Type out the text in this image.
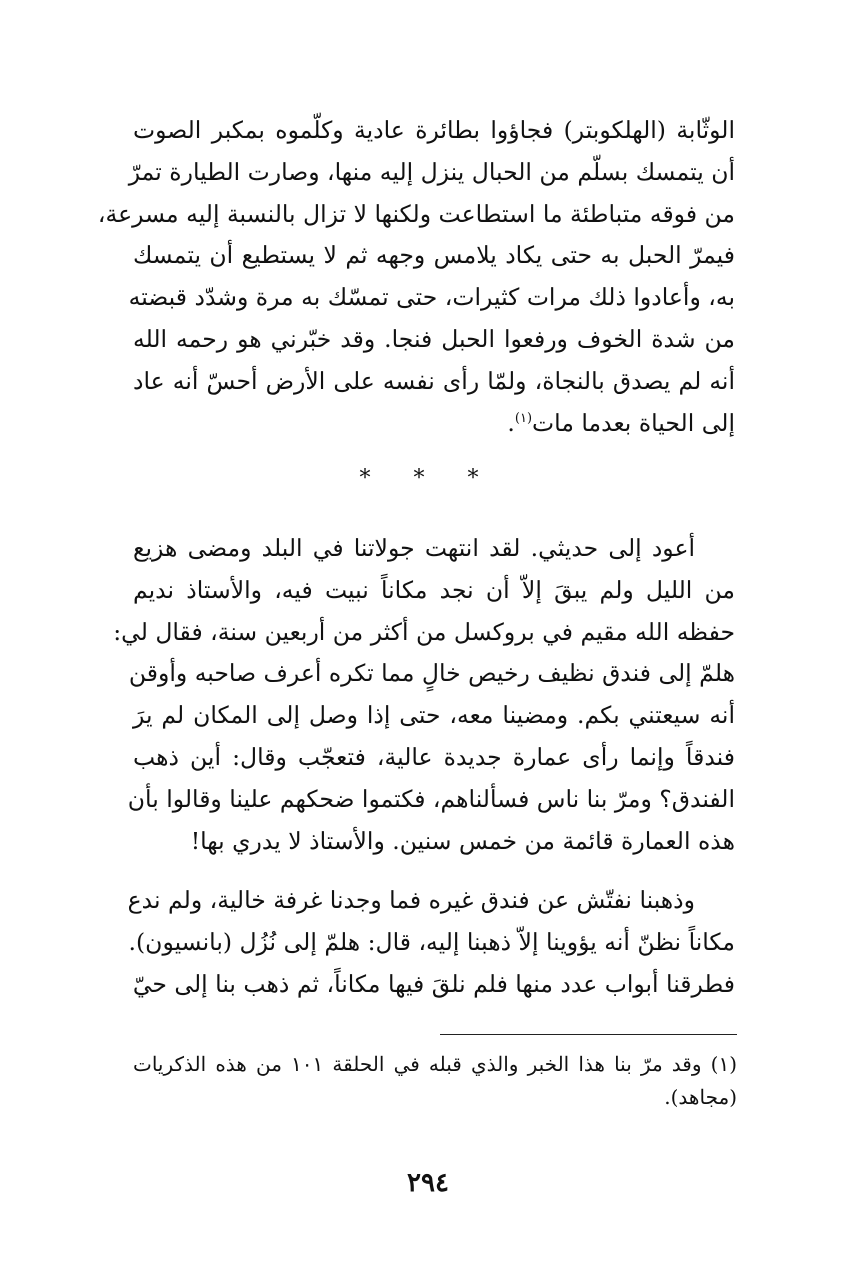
الوثّابة (الهلكوبتر) فجاؤوا بطائرة عادية وكلّموه بمكبر الصوت
أن يتمسك بسلّم من الحبال ينزل إليه منها، وصارت الطيارة تمرّ
من فوقه متباطئة ما استطاعت ولكنها لا تزال بالنسبة إليه مسرعة،
فيمرّ الحبل به حتى يكاد يلامس وجهه ثم لا يستطيع أن يتمسك
به، وأعادوا ذلك مرات كثيرات، حتى تمسّك به مرة وشدّد قبضته
من شدة الخوف ورفعوا الحبل فنجا. وقد خبّرني هو رحمه الله
أنه لم يصدق بالنجاة، ولمّا رأى نفسه على الأرض أحسّ أنه عاد
إلى الحياة بعدما مات$^{(١)}$.
* * *
أعود إلى حديثي. لقد انتهت جولاتنا في البلد ومضى هزيع
من الليل ولم يبقَ إلاّ أن نجد مكاناً نبيت فيه، والأستاذ نديم
حفظه الله مقيم في بروكسل من أكثر من أربعين سنة، فقال لي:
هلمّ إلى فندق نظيف رخيص خالٍ مما تكره أعرف صاحبه وأوقن
أنه سيعتني بكم. ومضينا معه، حتى إذا وصل إلى المكان لم يرَ
فندقاً وإنما رأى عمارة جديدة عالية، فتعجّب وقال: أين ذهب
الفندق؟ ومرّ بنا ناس فسألناهم، فكتموا ضحكهم علينا وقالوا بأن
هذه العمارة قائمة من خمس سنين. والأستاذ لا يدري بها!
وذهبنا نفتّش عن فندق غيره فما وجدنا غرفة خالية، ولم ندع
مكاناً نظنّ أنه يؤوينا إلاّ ذهبنا إليه، قال: هلمّ إلى نُزُل (بانسيون).
فطرقنا أبواب عدد منها فلم نلقَ فيها مكاناً، ثم ذهب بنا إلى حيّ
(١) وقد مرّ بنا هذا الخبر والذي قبله في الحلقة ١٠١ من هذه الذكريات
(مجاهد).
٢٩٤
